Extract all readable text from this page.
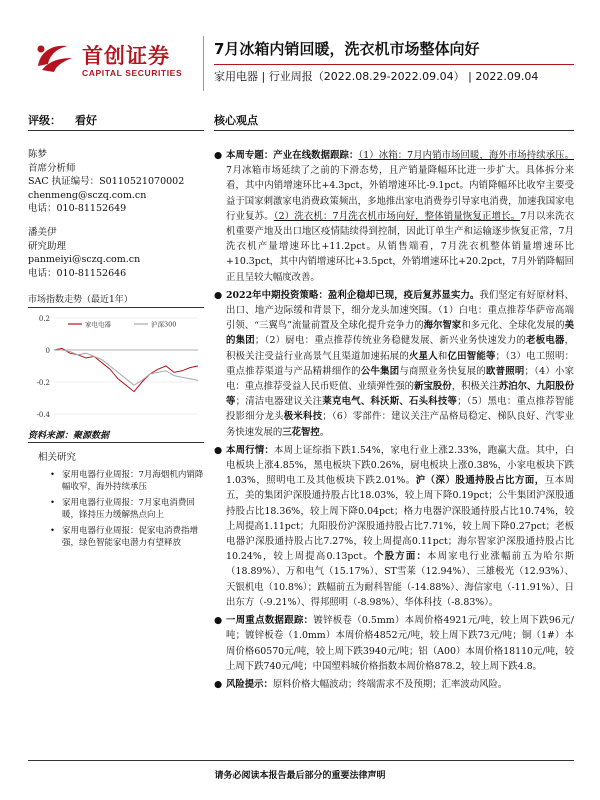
首创证券
CAPITAL SECURITIES
7月冰箱内销回暖，洗衣机市场整体向好
家用电器 | 行业周报（2022.08.29-2022.09.04） | 2022.09.04
评级： 看好	核心观点
陈梦
首席分析师
SAC 执证编号：S0110521070002
chenmeng@sczq.com.cn
电话：010-81152649
潘美伊
研究助理
panmeiyi@sczq.com.cn
电话：010-81152646
市场指数走势（最近1年）
0.2
0
-0.2
-0.4
家电电器	沪深300
资料来源：聚源数据
相关研究
• 家用电器行业周报：7月海烟机内销降幅收窄，海外持续承压
• 家用电器行业周报：7月家电消费回暖，锋持压力缓解热点向上
• 家用电器行业周报：促家电消费指增强，绿色智能家电潜力有望释放

● 本周专题：产业在线数据跟踪：（1）冰箱：7月内销市场回暖，海外市场持续承压。7月冰箱市场延续了之前的下滑态势，且产销量降幅环比进一步扩大。具体拆分来看，其中内销增速环比+4.3pct，外销增速环比-9.1pct。内销降幅环比收窄主要受益于国家刺激家电消费政策频出，多地推出家电消费券引导家电消费，加速我国家电行业复苏。（2）洗衣机：7月洗衣机市场向好，整体销量恢复正增长。7月以来洗衣机重要产地及出口地区疫情陆续得到控制，因此订单生产和运输逐步恢复正常，7月洗衣机产量增速环比+11.2pct。从销售端看，7月洗衣机整体销量增速环比+10.3pct，其中内销增速环比+3.5pct，外销增速环比+20.2pct，7月外销降幅回正且呈较大幅度改善。

● 2022年中期投资策略：盈利企稳却已现，疫后复苏显实力。我们坚定有好原材料、出口、地产边际缓和背景下，细分龙头加速突围。（1）白电：重点推荐华萨帝高端引领、“三翼鸟”流量前置及全球化提升竞争力的海尔智家和多元化、全球化发展的美的集团；（2）厨电：重点推荐传统业务稳健发展、新兴业务快速发力的老板电器，积极关注受益行业高景气且渠道加速拓展的火星人和亿田智能等；（3）电工照明：重点推荐渠道与产品精耕细作的公牛集团与商照业务快复展的欧普照明；（4）小家电：重点推荐受益人民币贬值、业绩弹性强的新宝股份，积极关注苏泊尔、九阳股份等；清洁电器建议关注莱克电气、科沃斯、石头科技等；（5）黑电：重点推荐智能投影细分龙头极米科技；（6）零部件：建议关注产品格局稳定、梯队良好、汽零业务快速发展的三花智控。

● 本周行情：本周上证综指下跌1.54%，家电行业上涨2.33%，跑赢大盘。其中，白电板块上涨4.85%，黑电板块下跌0.26%，厨电板块上涨0.38%，小家电板块下跌1.03%，照明电工及其他板块下跌2.01%。沪（深）股通持股占比方面，互本周五，美的集团沪深股通持股占比18.03%，较上周下降0.19pct；公牛集团沪深股通持股占比18.36%，较上周下降0.04pct；格力电器沪深股通持股占比10.74%，较上周提高1.11pct；九阳股份沪深股通持股占比7.71%，较上周下降0.27pct；老板电器沪深股通持股占比7.27%，较上周提高0.11pct；海尔智家沪深股通持股占比10.24%，较上周提高0.13pct。个股方面：本周家电行业涨幅前五为哈尔斯（18.89%）、万和电气（15.17%）、ST雪莱（12.94%）、三雄极光（12.93%）、天银机电（10.8%）；跌幅前五为耐科智能（-14.88%）、海信家电（-11.91%）、日出东方（-9.21%）、得邦照明（-8.98%）、华体科技（-8.83%）。

● 一周重点数据跟踪：镀锌板卷（0.5mm）本周价格4921元/吨，较上周下跌96元/吨；镀锌板卷（1.0mm）本周价格4852元/吨，较上周下跌73元/吨；铜（1#）本周价格60570元/吨，较上周下跌3940元/吨；铝（A00）本周价格18110元/吨，较上周下跌740元/吨；中国塑料城价格指数本周价格878.2，较上周下跌4.8。

● 风险提示：原料价格大幅波动；终端需求不及预期；汇率波动风险。

请务必阅读本报告最后部分的重要法律声明
